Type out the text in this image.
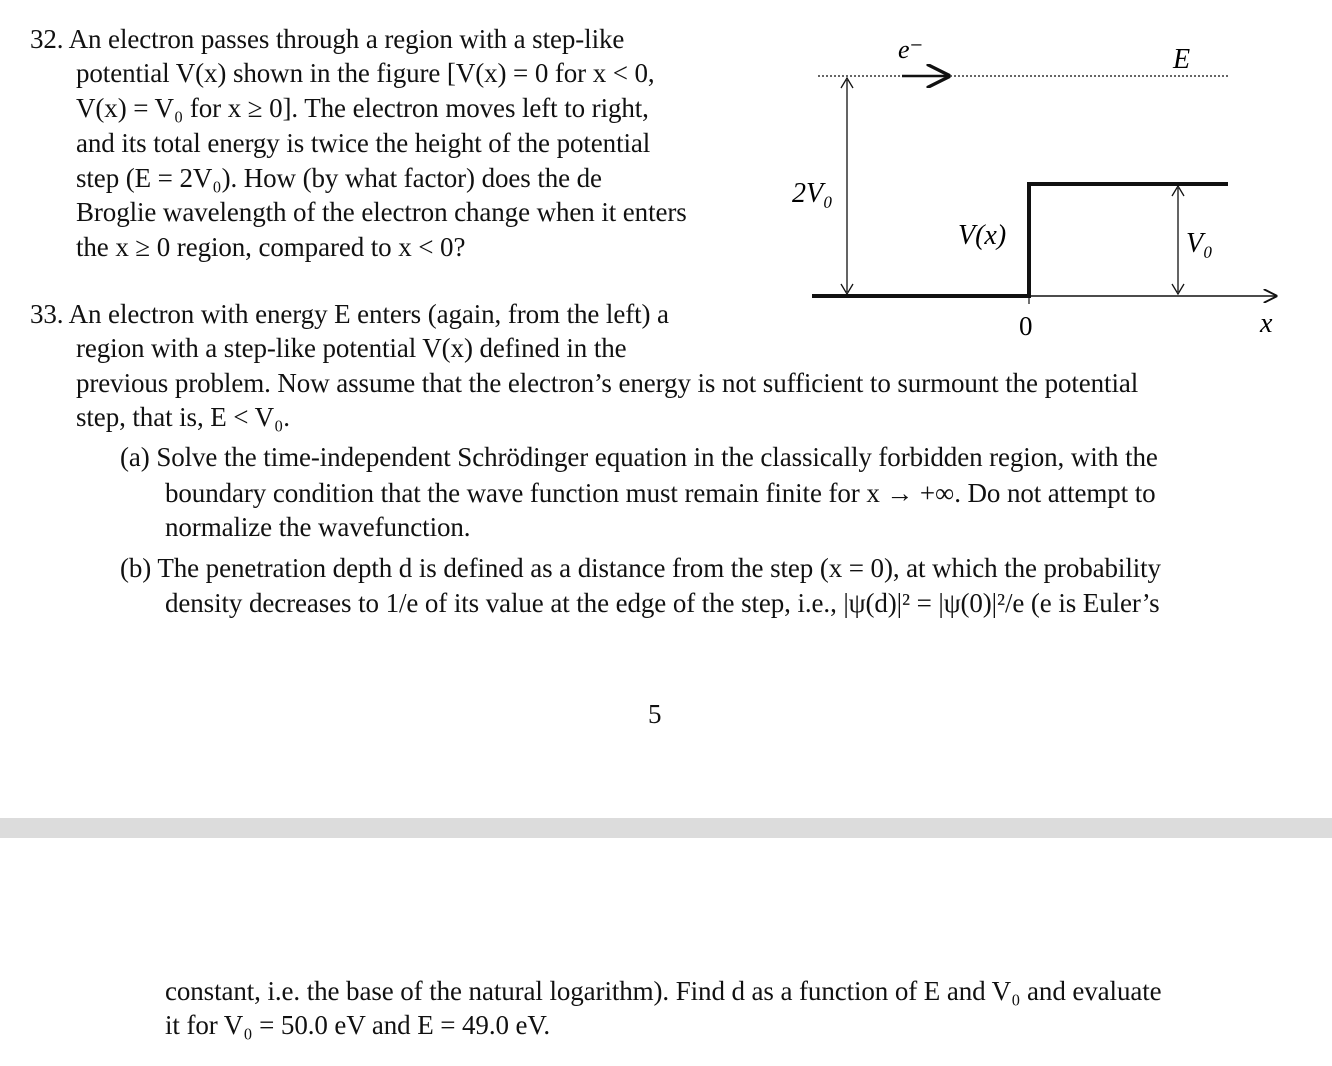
32. An electron passes through a region with a step-like
potential V(x) shown in the figure [V(x) = 0 for x < 0,
V(x) = V₀ for x ≥ 0]. The electron moves left to right,
and its total energy is twice the height of the potential
step (E = 2V₀). How (by what factor) does the de
Broglie wavelength of the electron change when it enters
the x ≥ 0 region, compared to x < 0?
e⁻	E
2V₀
V(x)	V₀
0	x
33. An electron with energy E enters (again, from the left) a
region with a step-like potential V(x) defined in the
previous problem. Now assume that the electron’s energy is not sufficient to surmount the potential
step, that is, E < V₀.
(a) Solve the time-independent Schrödinger equation in the classically forbidden region, with the
boundary condition that the wave function must remain finite for x → +∞. Do not attempt to
normalize the wavefunction.
(b) The penetration depth d is defined as a distance from the step (x = 0), at which the probability
density decreases to 1/e of its value at the edge of the step, i.e., |ψ(d)|² = |ψ(0)|²/e (e is Euler’s
5
constant, i.e. the base of the natural logarithm). Find d as a function of E and V₀ and evaluate
it for V₀ = 50.0 eV and E = 49.0 eV.
